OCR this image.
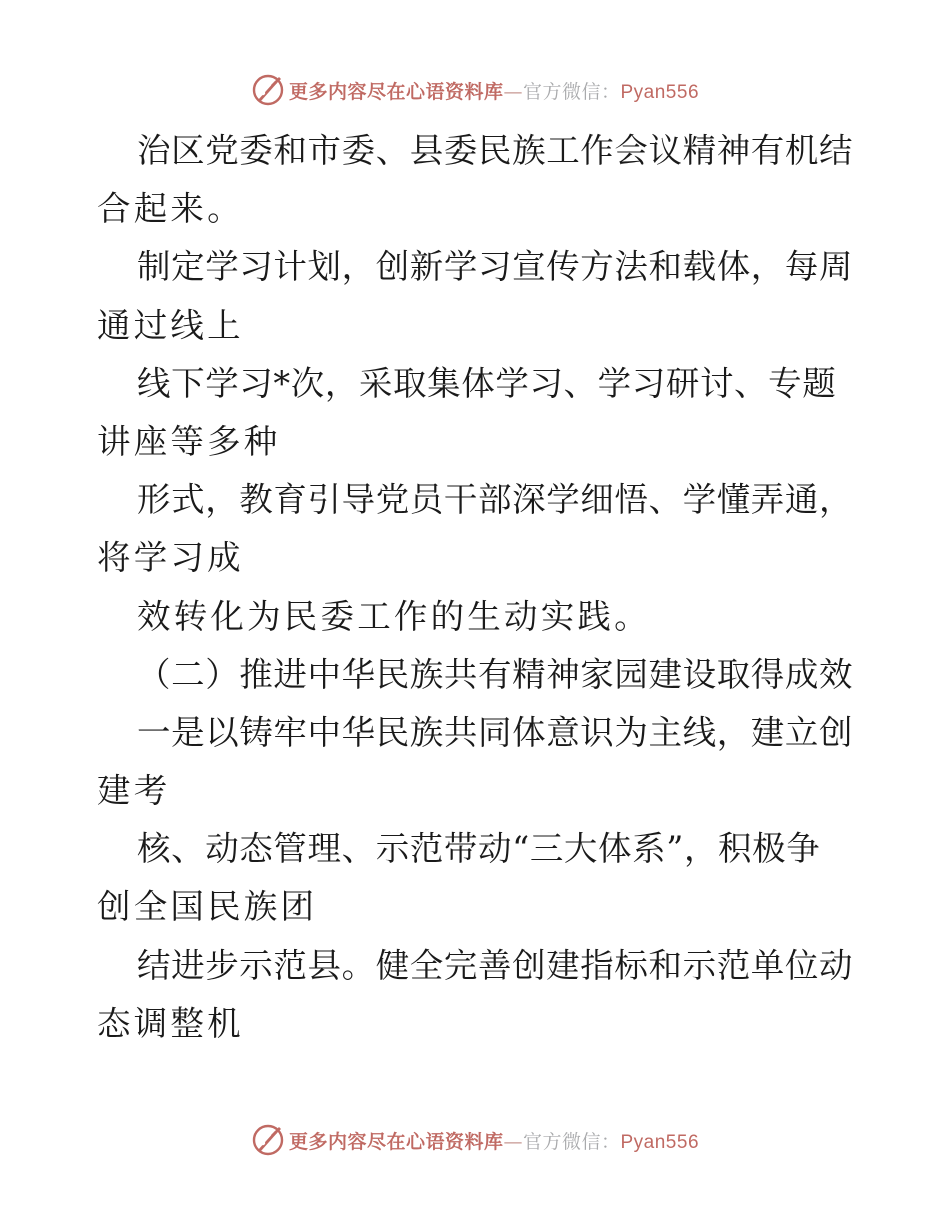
更多内容尽在心语资料库—官方微信：Pyan556
治区党委和市委、县委民族工作会议精神有机结
合起来。
制定学习计划，创新学习宣传方法和载体，每周
通过线上
线下学习*次，采取集体学习、学习研讨、专题
讲座等多种
形式，教育引导党员干部深学细悟、学懂弄通，
将学习成
效转化为民委工作的生动实践。
（二）推进中华民族共有精神家园建设取得成效
一是以铸牢中华民族共同体意识为主线，建立创
建考
核、动态管理、示范带动“三大体系”，积极争
创全国民族团
结进步示范县。健全完善创建指标和示范单位动
态调整机
更多内容尽在心语资料库—官方微信：Pyan556
